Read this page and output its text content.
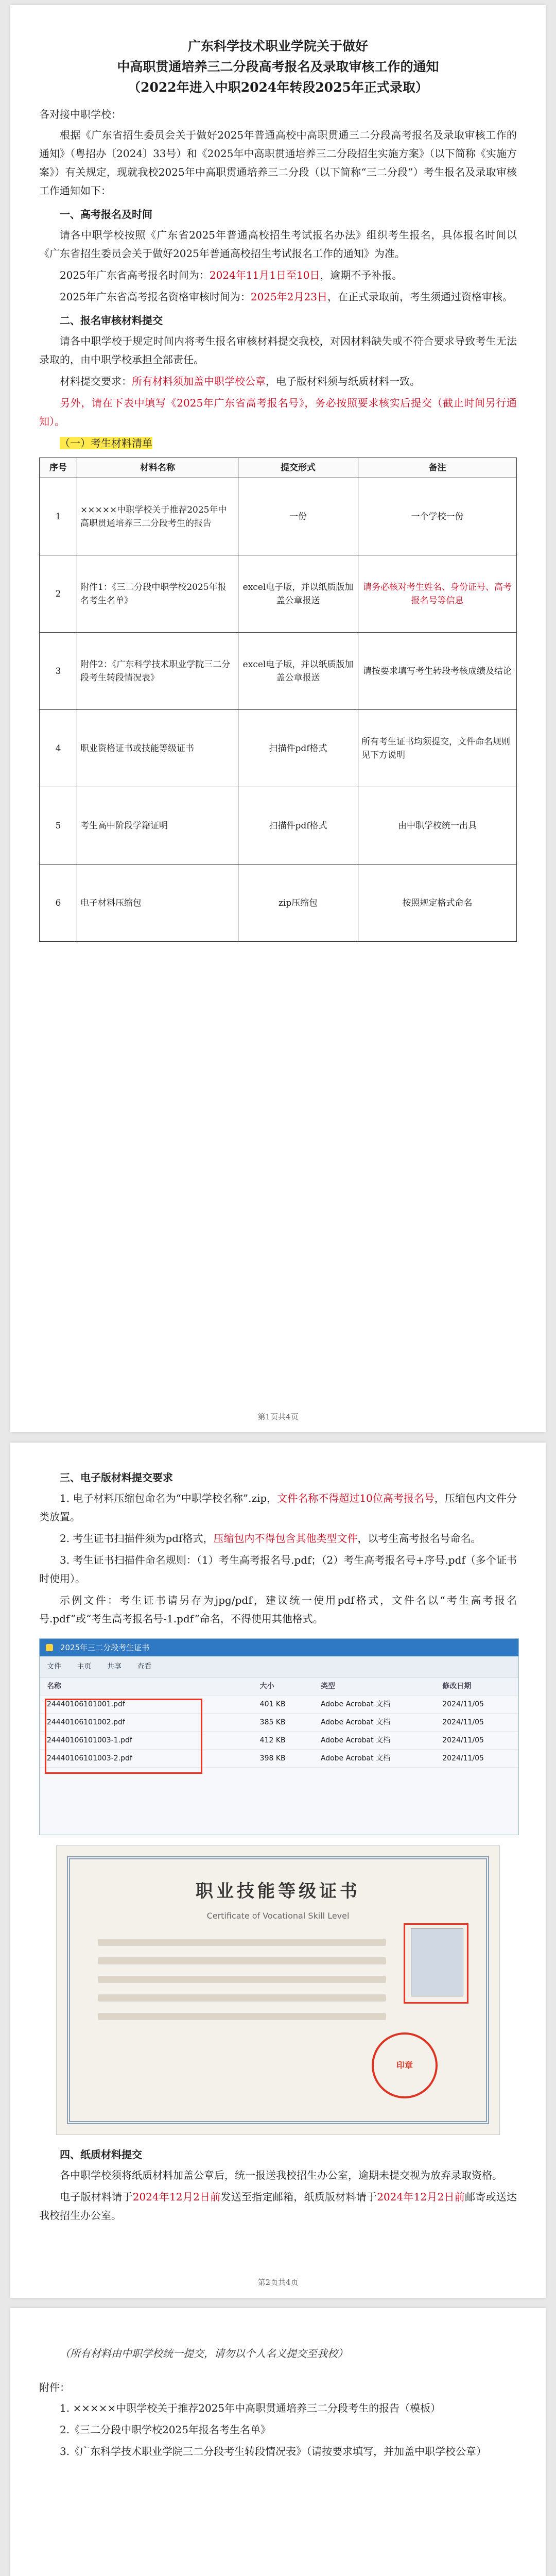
广东科学技术职业学院关于做好
中高职贯通培养三二分段高考报名及录取审核工作的通知
（2022年进入中职2024年转段2025年正式录取）
各对接中职学校：

根据《广东省招生委员会关于做好2025年普通高校中高职贯通三二分段高考报名及录取审核工作的通知》（粤招办〔2024〕33号）和《2025年中高职贯通培养三二分段招生实施方案》（以下简称《实施方案》）有关规定，现就我校2025年中高职贯通培养三二分段（以下简称“三二分段”）考生报名及录取审核工作通知如下：

一、高考报名及时间

请各中职学校按照《广东省2025年普通高校招生考试报名办法》组织考生报名，具体报名时间以《广东省招生委员会关于做好2025年普通高校招生考试报名工作的通知》为准。

2025年广东省高考报名时间为：2024年11月1日至10日，逾期不予补报。

2025年广东省高考报名资格审核时间为：2025年2月23日，在正式录取前，考生须通过资格审核。

二、报名审核材料提交

请各中职学校于规定时间内将考生报名审核材料提交我校，对因材料缺失或不符合要求导致考生无法录取的，由中职学校承担全部责任。

材料提交要求：所有材料须加盖中职学校公章，电子版材料须与纸质材料一致。

另外，请在下表中填写《2025年广东省高考报名号》，务必按照要求核实后提交（截止时间另行通知）。

（一）考生材料清单
序号	材料名称	提交形式	备注
1	×××××中职学校关于推荐2025年中高职贯通培养三二分段考生的报告	一份	一个学校一份
2	附件1：《三二分段中职学校2025年报名考生名单》	excel电子版，并以纸质版加盖公章报送	请务必核对考生姓名、身份证号、高考报名号等信息
3	附件2：《广东科学技术职业学院三二分段考生转段情况表》	excel电子版，并以纸质版加盖公章报送	请按要求填写考生转段考核成绩及结论
4	职业资格证书或技能等级证书	扫描件pdf格式	所有考生证书均须提交，文件命名规则见下方说明
5	考生高中阶段学籍证明	扫描件pdf格式	由中职学校统一出具
6	电子材料压缩包	zip压缩包	按照规定格式命名
第1页共4页
三、电子版材料提交要求

1. 电子材料压缩包命名为“中职学校名称”.zip，文件名称不得超过10位高考报名号，压缩包内文件分类放置。

2. 考生证书扫描件须为pdf格式，压缩包内不得包含其他类型文件，以考生高考报名号命名。

3. 考生证书扫描件命名规则：（1）考生高考报名号.pdf；（2）考生高考报名号+序号.pdf（多个证书时使用）。

示例文件：考生证书请另存为jpg/pdf，建议统一使用pdf格式，文件名以“考生高考报名号.pdf”或“考生高考报名号-1.pdf”命名，不得使用其他格式。

2025年三二分段考生证书
文件 主页 共享 查看
名称	大小	类型	修改日期
24440106101001.pdf	401 KB	Adobe Acrobat 文档	2024/11/05
24440106101002.pdf	385 KB	Adobe Acrobat 文档	2024/11/05
24440106101003-1.pdf	412 KB	Adobe Acrobat 文档	2024/11/05
24440106101003-2.pdf	398 KB	Adobe Acrobat 文档	2024/11/05
职业技能等级证书
Certificate of Vocational Skill Level
印章
四、纸质材料提交

各中职学校须将纸质材料加盖公章后，统一报送我校招生办公室，逾期未提交视为放弃录取资格。

电子版材料请于2024年12月2日前发送至指定邮箱，纸质版材料请于2024年12月2日前邮寄或送达我校招生办公室。

第2页共4页

（所有材料由中职学校统一提交，请勿以个人名义提交至我校）

附件：

1. ×××××中职学校关于推荐2025年中高职贯通培养三二分段考生的报告（模板）

2.《三二分段中职学校2025年报名考生名单》

3.《广东科学技术职业学院三二分段考生转段情况表》（请按要求填写，并加盖中职学校公章）
